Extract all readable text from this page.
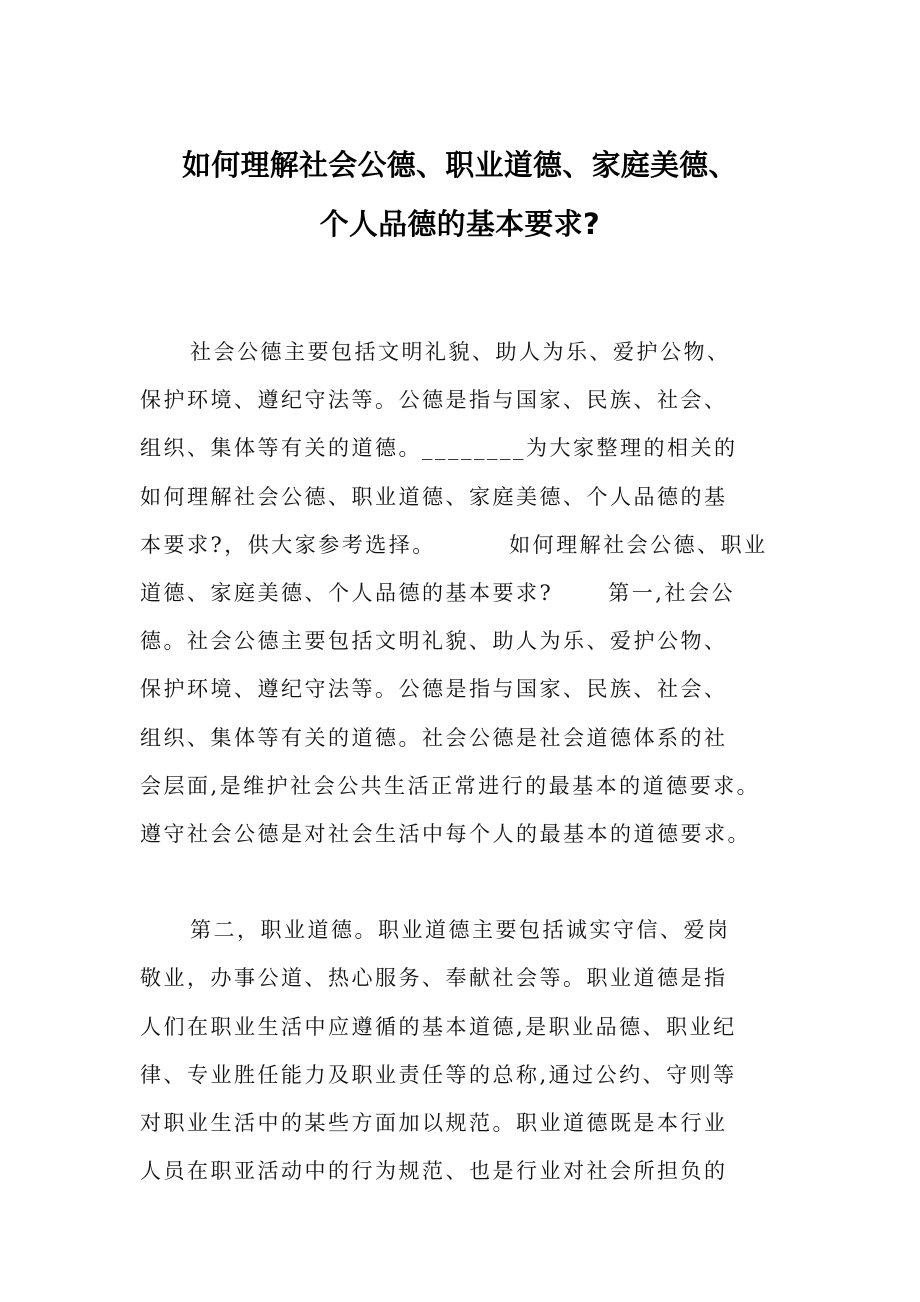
如何理解社会公德、职业道德、家庭美德、
个人品德的基本要求?
社会公德主要包括文明礼貌、助人为乐、爱护公物、
保护环境、遵纪守法等。公德是指与国家、民族、社会、
组织、集体等有关的道德。________为大家整理的相关的
如何理解社会公德、职业道德、家庭美德、个人品德的基
本要求?，供大家参考选择。        如何理解社会公德、职业
道德、家庭美德、个人品德的基本要求?      第一,社会公
德。社会公德主要包括文明礼貌、助人为乐、爱护公物、
保护环境、遵纪守法等。公德是指与国家、民族、社会、
组织、集体等有关的道德。社会公德是社会道德体系的社
会层面,是维护社会公共生活正常进行的最基本的道德要求。
遵守社会公德是对社会生活中每个人的最基本的道德要求。
第二，职业道德。职业道德主要包括诚实守信、爱岗
敬业，办事公道、热心服务、奉献社会等。职业道德是指
人们在职业生活中应遵循的基本道德,是职业品德、职业纪
律、专业胜任能力及职业责任等的总称,通过公约、守则等
对职业生活中的某些方面加以规范。职业道德既是本行业
人员在职亚活动中的行为规范、也是行业对社会所担负的
